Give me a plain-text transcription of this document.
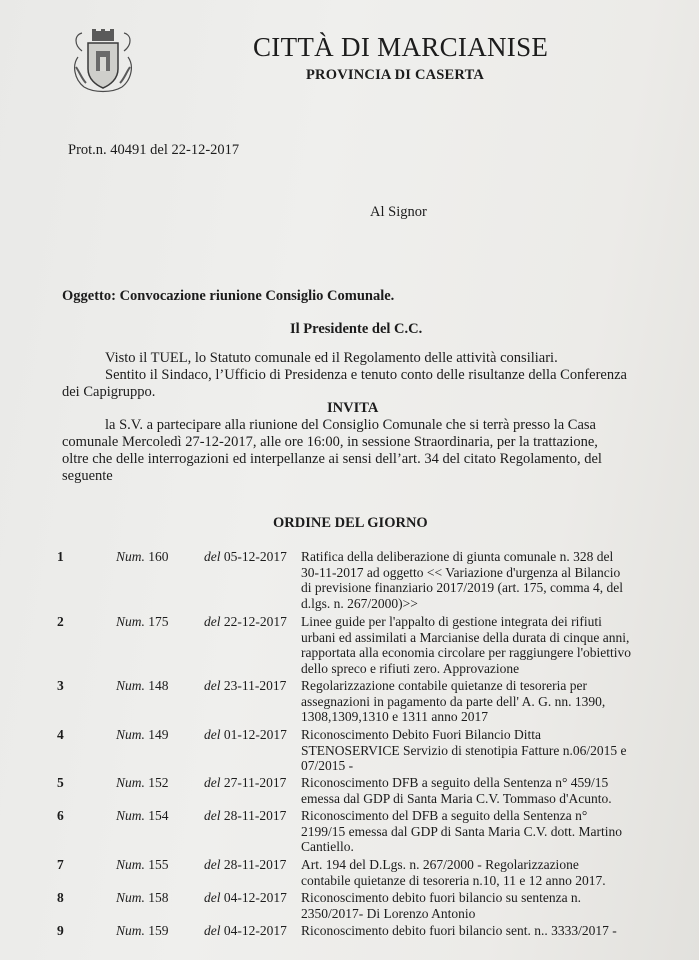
CITTÀ DI MARCIANISE
PROVINCIA DI CASERTA
Prot.n. 40491 del 22-12-2017
Al Signor
Oggetto: Convocazione riunione Consiglio Comunale.
Il Presidente del C.C.
Visto il TUEL, lo Statuto comunale ed il Regolamento delle attività consiliari.
Sentito il Sindaco, l’Ufficio di Presidenza e tenuto conto delle risultanze della Conferenza
dei Capigruppo.
INVITA
la S.V. a partecipare alla riunione del Consiglio Comunale che si terrà presso la Casa
comunale Mercoledì 27-12-2017, alle ore 16:00, in sessione Straordinaria, per la trattazione,
oltre che delle interrogazioni ed interpellanze ai sensi dell’art. 34 del citato Regolamento, del
seguente
ORDINE DEL GIORNO
1	Num. 160	del 05-12-2017 Ratifica della deliberazione di giunta comunale n. 328 del
30-11-2017 ad oggetto << Variazione d'urgenza al Bilancio
di previsione finanziario 2017/2019 (art. 175, comma 4, del
d.lgs. n. 267/2000)>>
2	Num. 175	del 22-12-2017 Linee guide per l'appalto di gestione integrata dei rifiuti
urbani ed assimilati a Marcianise della durata di cinque anni,
rapportata alla economia circolare per raggiungere l'obiettivo
dello spreco e rifiuti zero. Approvazione
3	Num. 148	del 23-11-2017 Regolarizzazione contabile quietanze di tesoreria per
assegnazioni in pagamento da parte dell' A. G. nn. 1390,
1308,1309,1310 e 1311 anno 2017
4	Num. 149	del 01-12-2017 Riconoscimento Debito Fuori Bilancio Ditta
STENOSERVICE Servizio di stenotipia Fatture n.06/2015 e
07/2015 -
5	Num. 152	del 27-11-2017 Riconoscimento DFB a seguito della Sentenza n° 459/15
emessa dal GDP di Santa Maria C.V. Tommaso d'Acunto.
6	Num. 154	del 28-11-2017 Riconoscimento del DFB a seguito della Sentenza n°
2199/15 emessa dal GDP di Santa Maria C.V. dott. Martino
Cantiello.
7	Num. 155	del 28-11-2017 Art. 194 del D.Lgs. n. 267/2000 - Regolarizzazione
contabile quietanze di tesoreria n.10, 11 e 12 anno 2017.
8	Num. 158	del 04-12-2017 Riconoscimento debito fuori bilancio su sentenza n.
2350/2017- Di Lorenzo Antonio
9	Num. 159	del 04-12-2017 Riconoscimento debito fuori bilancio sent. n.. 3333/2017 -
